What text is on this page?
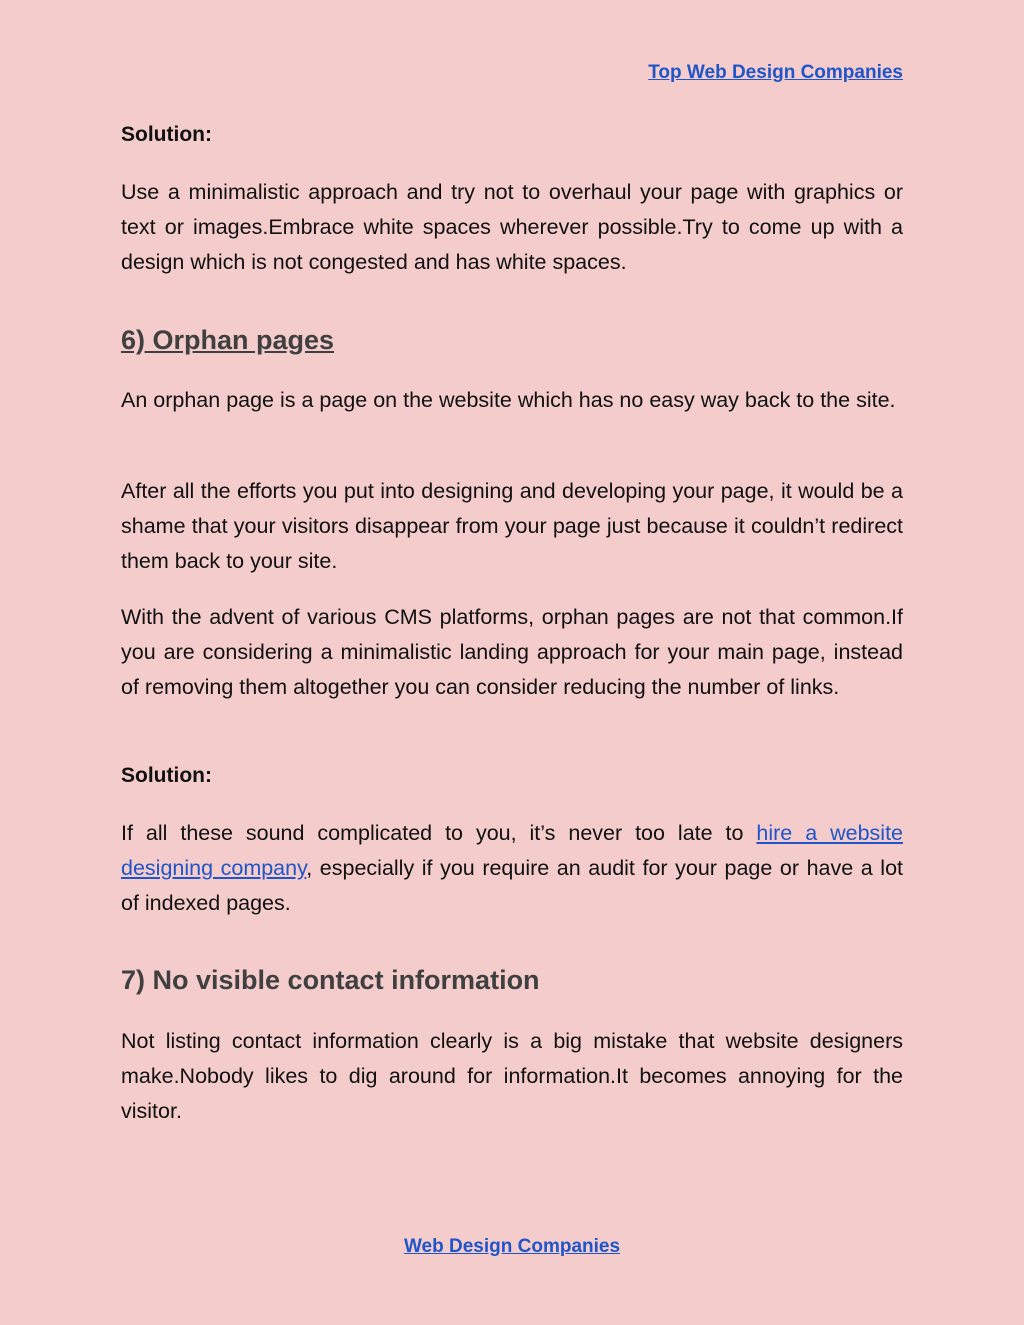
Top Web Design Companies
Solution:

Use a minimalistic approach and try not to overhaul your page with graphics or text or images.Embrace white spaces wherever possible.Try to come up with a design which is not congested and has white spaces.

6) Orphan pages

An orphan page is a page on the website which has no easy way back to the site.

After all the efforts you put into designing and developing your page, it would be a shame that your visitors disappear from your page just because it couldn’t redirect them back to your site.

With the advent of various CMS platforms, orphan pages are not that common.If you are considering a minimalistic landing approach for your main page, instead of removing them altogether you can consider reducing the number of links.

Solution:

If all these sound complicated to you, it’s never too late to hire a website designing company, especially if you require an audit for your page or have a lot of indexed pages.

7) No visible contact information

Not listing contact information clearly is a big mistake that website designers make.Nobody likes to dig around for information.It becomes annoying for the visitor.

Web Design Companies
